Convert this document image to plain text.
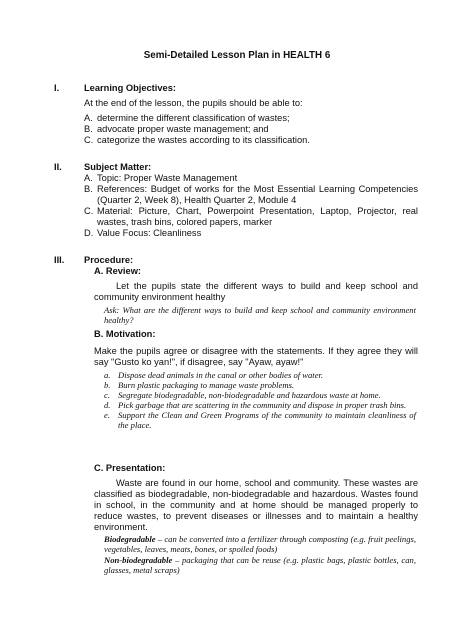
Semi-Detailed Lesson Plan in HEALTH 6
I.	Learning Objectives:
At the end of the lesson, the pupils should be able to:
A. determine the different classification of wastes;
B. advocate proper waste management; and
C. categorize the wastes according to its classification.
II. Subject Matter:
A. Topic: Proper Waste Management
B. References: Budget of works for the Most Essential Learning Competencies (Quarter 2, Week 8), Health Quarter 2, Module 4
C. Material: Picture, Chart, Powerpoint Presentation, Laptop, Projector, real wastes, trash bins, colored papers, marker
D. Value Focus: Cleanliness
III. Procedure:
A. Review:
Let the pupils state the different ways to build and keep school and community environment healthy
Ask: What are the different ways to build and keep school and community environment healthy?
B. Motivation:
Make the pupils agree or disagree with the statements. If they agree they will say "Gusto ko yan!", if disagree, say "Ayaw, ayaw!"
a. Dispose dead animals in the canal or other bodies of water.
b. Burn plastic packaging to manage waste problems.
c. Segregate biodegradable, non-biodegradable and hazardous waste at home.
d. Pick garbage that are scattering in the community and dispose in proper trash bins.
e. Support the Clean and Green Programs of the community to maintain cleanliness of the place.
C. Presentation:
Waste are found in our home, school and community. These wastes are classified as biodegradable, non-biodegradable and hazardous. Wastes found in school, in the community and at home should be managed properly to reduce wastes, to prevent diseases or illnesses and to maintain a healthy environment.
Biodegradable – can be converted into a fertilizer through composting (e.g. fruit peelings, vegetables, leaves, meats, bones, or spoiled foods)
Non-biodegradable – packaging that can be reuse (e.g. plastic bags, plastic bottles, can, glasses, metal scraps)
